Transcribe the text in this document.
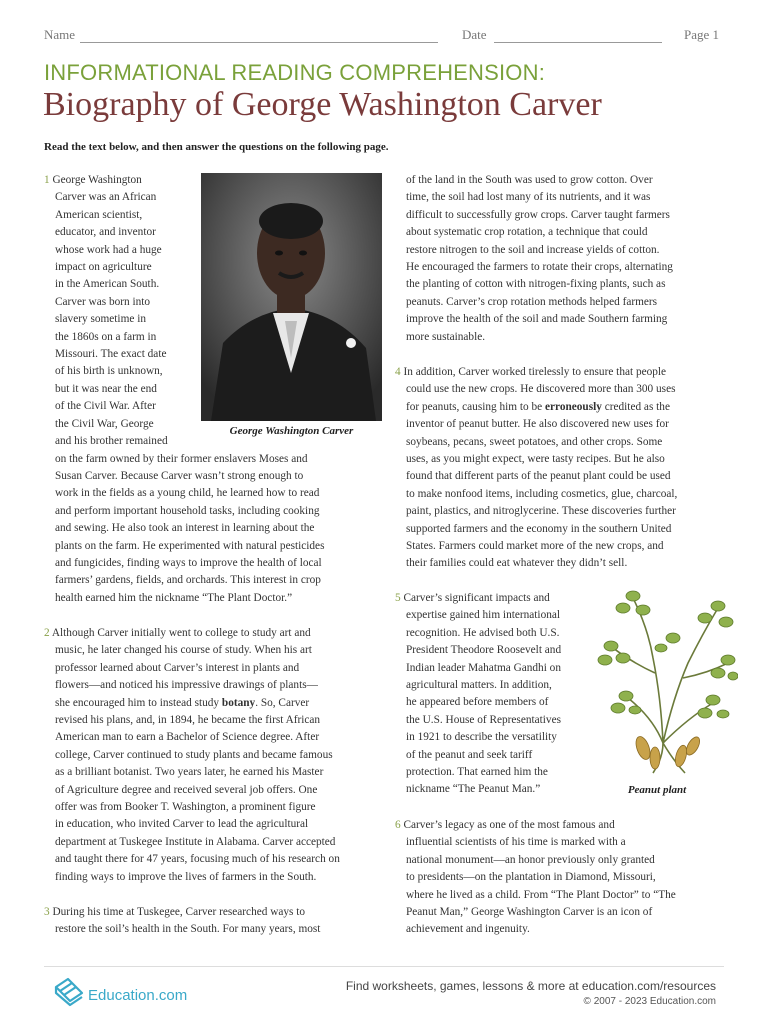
Name	Date	Page 1
INFORMATIONAL READING COMPREHENSION:
Biography of George Washington Carver
Read the text below, and then answer the questions on the following page.

1 George Washington

Carver was an African

American scientist,

educator, and inventor

whose work had a huge

impact on agriculture

in the American South.

Carver was born into

slavery sometime in

the 1860s on a farm in

Missouri. The exact date

of his birth is unknown,

but it was near the end

of the Civil War. After

the Civil War, George

and his brother remained

on the farm owned by their former enslavers Moses and

Susan Carver. Because Carver wasn’t strong enough to

work in the fields as a young child, he learned how to read

and perform important household tasks, including cooking

and sewing. He also took an interest in learning about the

plants on the farm. He experimented with natural pesticides

and fungicides, finding ways to improve the health of local

farmers’ gardens, fields, and orchards. This interest in crop

health earned him the nickname “The Plant Doctor.”

George Washington Carver

2 Although Carver initially went to college to study art and

music, he later changed his course of study. When his art

professor learned about Carver’s interest in plants and

flowers—and noticed his impressive drawings of plants—

she encouraged him to instead study botany. So, Carver

revised his plans, and, in 1894, he became the first African

American man to earn a Bachelor of Science degree. After

college, Carver continued to study plants and became famous

as a brilliant botanist. Two years later, he earned his Master

of Agriculture degree and received several job offers. One

offer was from Booker T. Washington, a prominent figure

in education, who invited Carver to lead the agricultural

department at Tuskegee Institute in Alabama. Carver accepted

and taught there for 47 years, focusing much of his research on

finding ways to improve the lives of farmers in the South.

3 During his time at Tuskegee, Carver researched ways to

restore the soil’s health in the South. For many years, most

of the land in the South was used to grow cotton. Over

time, the soil had lost many of its nutrients, and it was

difficult to successfully grow crops. Carver taught farmers

about systematic crop rotation, a technique that could

restore nitrogen to the soil and increase yields of cotton.

He encouraged the farmers to rotate their crops, alternating

the planting of cotton with nitrogen-fixing plants, such as

peanuts. Carver’s crop rotation methods helped farmers

improve the health of the soil and made Southern farming

more sustainable.

4 In addition, Carver worked tirelessly to ensure that people

could use the new crops. He discovered more than 300 uses

for peanuts, causing him to be erroneously credited as the

inventor of peanut butter. He also discovered new uses for

soybeans, pecans, sweet potatoes, and other crops. Some

uses, as you might expect, were tasty recipes. But he also

found that different parts of the peanut plant could be used

to make nonfood items, including cosmetics, glue, charcoal,

paint, plastics, and nitroglycerine. These discoveries further

supported farmers and the economy in the southern United

States. Farmers could market more of the new crops, and

their families could eat whatever they didn’t sell.

5 Carver’s significant impacts and

expertise gained him international

recognition. He advised both U.S.

President Theodore Roosevelt and

Indian leader Mahatma Gandhi on

agricultural matters. In addition,

he appeared before members of

the U.S. House of Representatives

in 1921 to describe the versatility

of the peanut and seek tariff

protection. That earned him the

nickname “The Peanut Man.”	Peanut plant

6 Carver’s legacy as one of the most famous and

influential scientists of his time is marked with a

national monument—an honor previously only granted

to presidents—on the plantation in Diamond, Missouri,

where he lived as a child. From “The Plant Doctor” to “The

Peanut Man,” George Washington Carver is an icon of

achievement and ingenuity.

Education.com
Find worksheets, games, lessons & more at education.com/resources
© 2007 - 2023 Education.com
